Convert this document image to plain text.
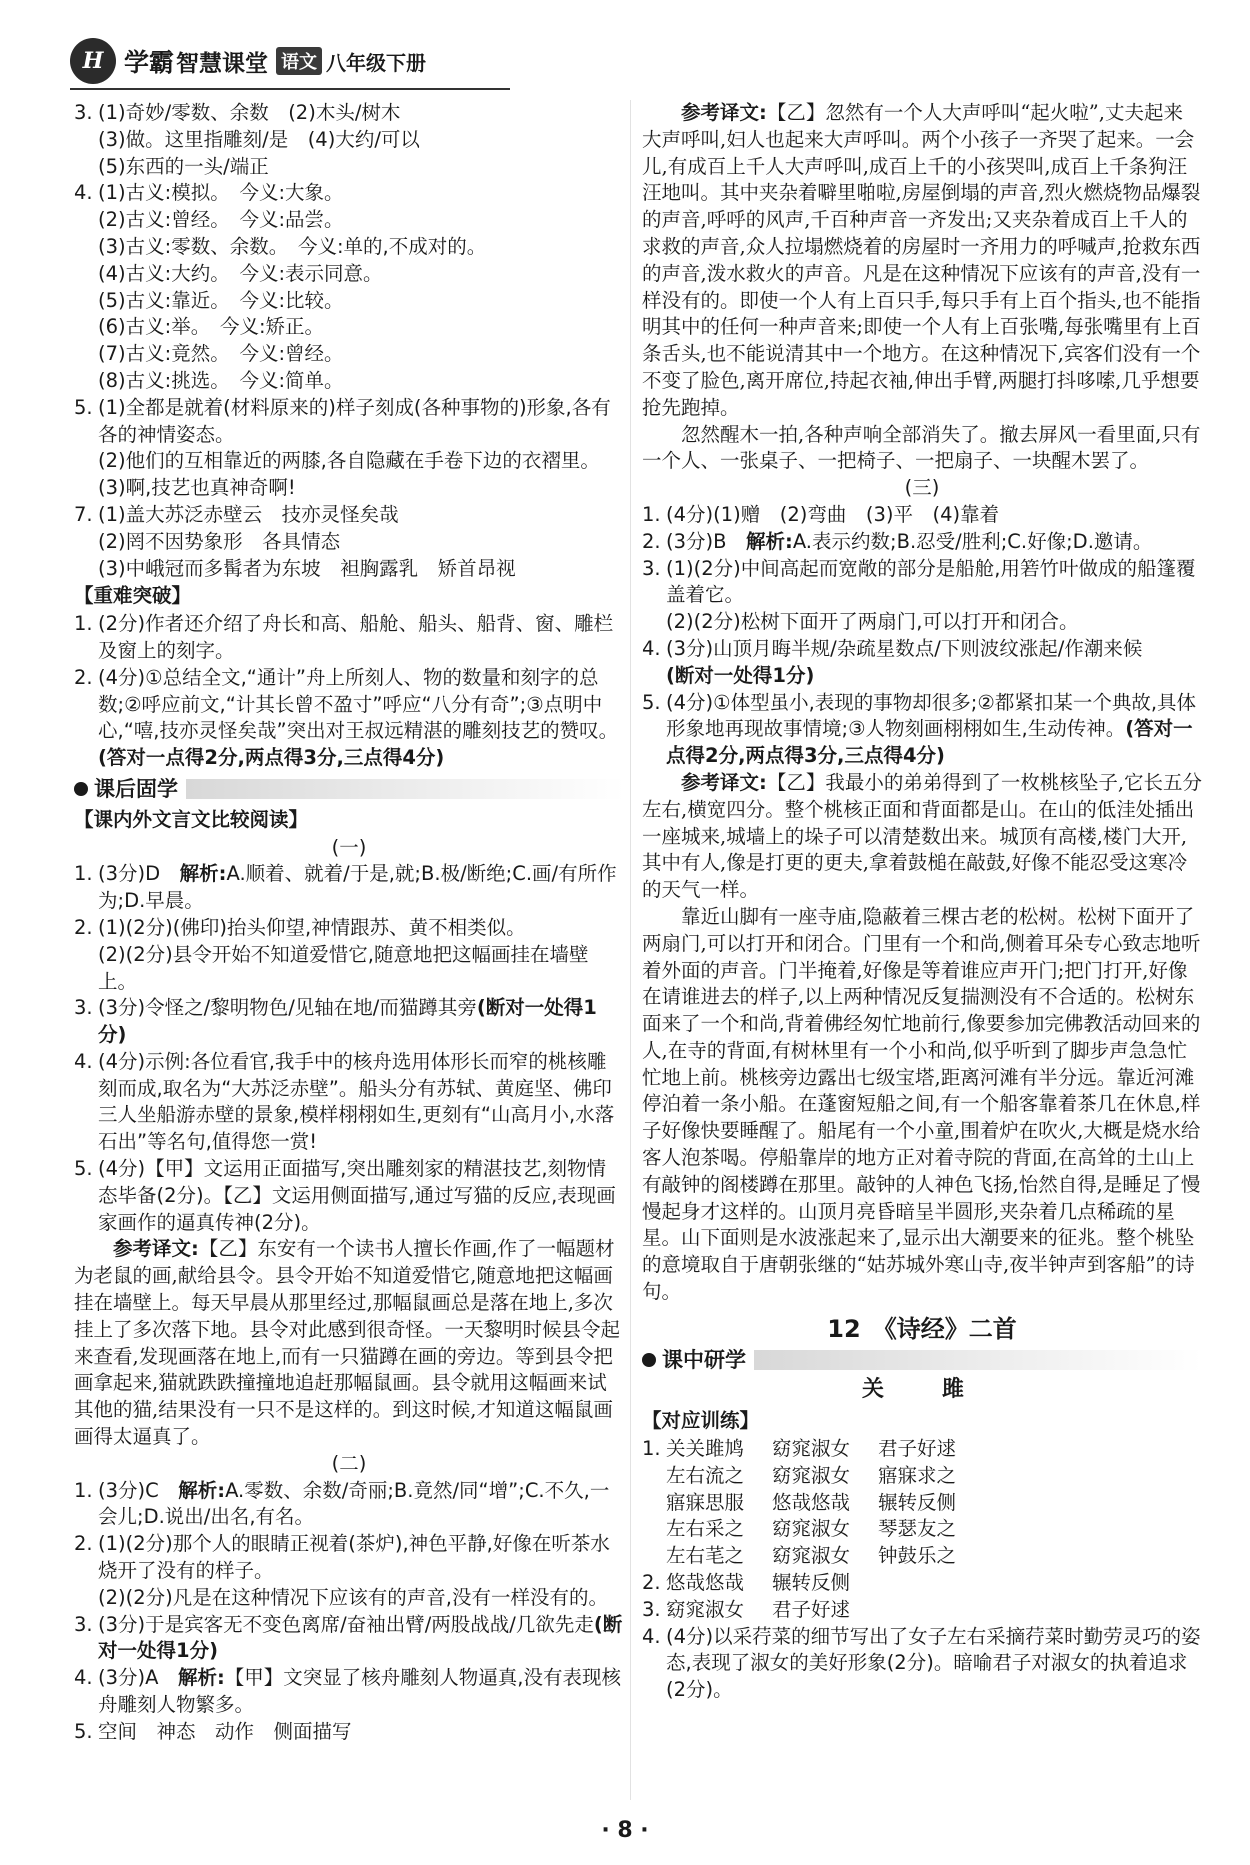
H 学霸 智慧课堂 语文 八年级下册
3. (1)奇妙/零数、余数　(2)木头/树木
(3)做。这里指雕刻/是　(4)大约/可以
(5)东西的一头/端正
4. (1)古义:模拟。　今义:大象。
(2)古义:曾经。　今义:品尝。
(3)古义:零数、余数。　今义:单的,不成对的。
(4)古义:大约。　今义:表示同意。
(5)古义:靠近。　今义:比较。
(6)古义:举。　今义:矫正。
(7)古义:竟然。　今义:曾经。
(8)古义:挑选。　今义:简单。
5. (1)全都是就着(材料原来的)样子刻成(各种事物的)形象,各有各的神情姿态。
(2)他们的互相靠近的两膝,各自隐藏在手卷下边的衣褶里。
(3)啊,技艺也真神奇啊!
7. (1)盖大苏泛赤壁云　技亦灵怪矣哉
(2)罔不因势象形　各具情态
(3)中峨冠而多髯者为东坡　袒胸露乳　矫首昂视
【重难突破】
1. (2分)作者还介绍了舟长和高、船舱、船头、船背、窗、雕栏及窗上的刻字。
2. (4分)①总结全文,“通计”舟上所刻人、物的数量和刻字的总数;②呼应前文,“计其长曾不盈寸”呼应“八分有奇”;③点明中心,“嘻,技亦灵怪矣哉”突出对王叔远精湛的雕刻技艺的赞叹。(答对一点得2分,两点得3分,三点得4分)
课后固学
【课内外文言文比较阅读】
(一)
1. (3分)D　解析:A.顺着、就着/于是,就;B.极/断绝;C.画/有所作为;D.早晨。
2. (1)(2分)(佛印)抬头仰望,神情跟苏、黄不相类似。
(2)(2分)县令开始不知道爱惜它,随意地把这幅画挂在墙壁上。
3. (3分)令怪之/黎明物色/见轴在地/而猫蹲其旁(断对一处得1分)
4. (4分)示例:各位看官,我手中的核舟选用体形长而窄的桃核雕刻而成,取名为“大苏泛赤壁”。船头分有苏轼、黄庭坚、佛印三人坐船游赤壁的景象,模样栩栩如生,更刻有“山高月小,水落石出”等名句,值得您一赏!
5. (4分)【甲】文运用正面描写,突出雕刻家的精湛技艺,刻物情态毕备(2分)。【乙】文运用侧面描写,通过写猫的反应,表现画家画作的逼真传神(2分)。
参考译文:【乙】东安有一个读书人擅长作画,作了一幅题材为老鼠的画,献给县令。县令开始不知道爱惜它,随意地把这幅画挂在墙壁上。每天早晨从那里经过,那幅鼠画总是落在地上,多次挂上了多次落下地。县令对此感到很奇怪。一天黎明时候县令起来查看,发现画落在地上,而有一只猫蹲在画的旁边。等到县令把画拿起来,猫就跌跌撞撞地追赶那幅鼠画。县令就用这幅画来试其他的猫,结果没有一只不是这样的。到这时候,才知道这幅鼠画画得太逼真了。
(二)
1. (3分)C　解析:A.零数、余数/奇丽;B.竟然/同“增”;C.不久,一会儿;D.说出/出名,有名。
2. (1)(2分)那个人的眼睛正视着(茶炉),神色平静,好像在听茶水烧开了没有的样子。
(2)(2分)凡是在这种情况下应该有的声音,没有一样没有的。
3. (3分)于是宾客无不变色离席/奋袖出臂/两股战战/几欲先走(断对一处得1分)
4. (3分)A　解析:【甲】文突显了核舟雕刻人物逼真,没有表现核舟雕刻人物繁多。
5. 空间　神态　动作　侧面描写
参考译文:【乙】忽然有一个人大声呼叫“起火啦”,丈夫起来大声呼叫,妇人也起来大声呼叫。两个小孩子一齐哭了起来。一会儿,有成百上千人大声呼叫,成百上千的小孩哭叫,成百上千条狗汪汪地叫。其中夹杂着噼里啪啦,房屋倒塌的声音,烈火燃烧物品爆裂的声音,呼呼的风声,千百种声音一齐发出;又夹杂着成百上千人的求救的声音,众人拉塌燃烧着的房屋时一齐用力的呼喊声,抢救东西的声音,泼水救火的声音。凡是在这种情况下应该有的声音,没有一样没有的。即使一个人有上百只手,每只手有上百个指头,也不能指明其中的任何一种声音来;即使一个人有上百张嘴,每张嘴里有上百条舌头,也不能说清其中一个地方。在这种情况下,宾客们没有一个不变了脸色,离开席位,持起衣袖,伸出手臂,两腿打抖哆嗦,几乎想要抢先跑掉。
忽然醒木一拍,各种声响全部消失了。撤去屏风一看里面,只有一个人、一张桌子、一把椅子、一把扇子、一块醒木罢了。
(三)
1. (4分)(1)赠　(2)弯曲　(3)平　(4)靠着
2. (3分)B　解析:A.表示约数;B.忍受/胜利;C.好像;D.邀请。
3. (1)(2分)中间高起而宽敞的部分是船舱,用箬竹叶做成的船篷覆盖着它。
(2)(2分)松树下面开了两扇门,可以打开和闭合。
4. (3分)山顶月晦半规/杂疏星数点/下则波纹涨起/作潮来候
(断对一处得1分)
5. (4分)①体型虽小,表现的事物却很多;②都紧扣某一个典故,具体形象地再现故事情境;③人物刻画栩栩如生,生动传神。(答对一点得2分,两点得3分,三点得4分)
参考译文:【乙】我最小的弟弟得到了一枚桃核坠子,它长五分左右,横宽四分。整个桃核正面和背面都是山。在山的低洼处插出一座城来,城墙上的垛子可以清楚数出来。城顶有高楼,楼门大开,其中有人,像是打更的更夫,拿着鼓槌在敲鼓,好像不能忍受这寒冷的天气一样。
靠近山脚有一座寺庙,隐蔽着三棵古老的松树。松树下面开了两扇门,可以打开和闭合。门里有一个和尚,侧着耳朵专心致志地听着外面的声音。门半掩着,好像是等着谁应声开门;把门打开,好像在请谁进去的样子,以上两种情况反复揣测没有不合适的。松树东面来了一个和尚,背着佛经匆忙地前行,像要参加完佛教活动回来的人,在寺的背面,有树林里有一个小和尚,似乎听到了脚步声急急忙忙地上前。桃核旁边露出七级宝塔,距离河滩有半分远。靠近河滩停泊着一条小船。在蓬窗短船之间,有一个船客靠着茶几在休息,样子好像快要睡醒了。船尾有一个小童,围着炉在吹火,大概是烧水给客人泡茶喝。停船靠岸的地方正对着寺院的背面,在高耸的土山上有敲钟的阁楼蹲在那里。敲钟的人神色飞扬,怡然自得,是睡足了慢慢起身才这样的。山顶月亮昏暗呈半圆形,夹杂着几点稀疏的星星。山下面则是水波涨起来了,显示出大潮要来的征兆。整个桃坠的意境取自于唐朝张继的“姑苏城外寒山寺,夜半钟声到客船”的诗句。
12　《诗经》二首
课中研学
关　雎
【对应训练】
1. 关关雎鸠 窈窕淑女 君子好逑
左右流之 窈窕淑女 寤寐求之
寤寐思服 悠哉悠哉 辗转反侧
左右采之 窈窕淑女 琴瑟友之
左右芼之 窈窕淑女 钟鼓乐之
2. 悠哉悠哉 辗转反侧
3. 窈窕淑女 君子好逑
4. (4分)以采荇菜的细节写出了女子左右采摘荇菜时勤劳灵巧的姿态,表现了淑女的美好形象(2分)。暗喻君子对淑女的执着追求(2分)。
· 8 ·
